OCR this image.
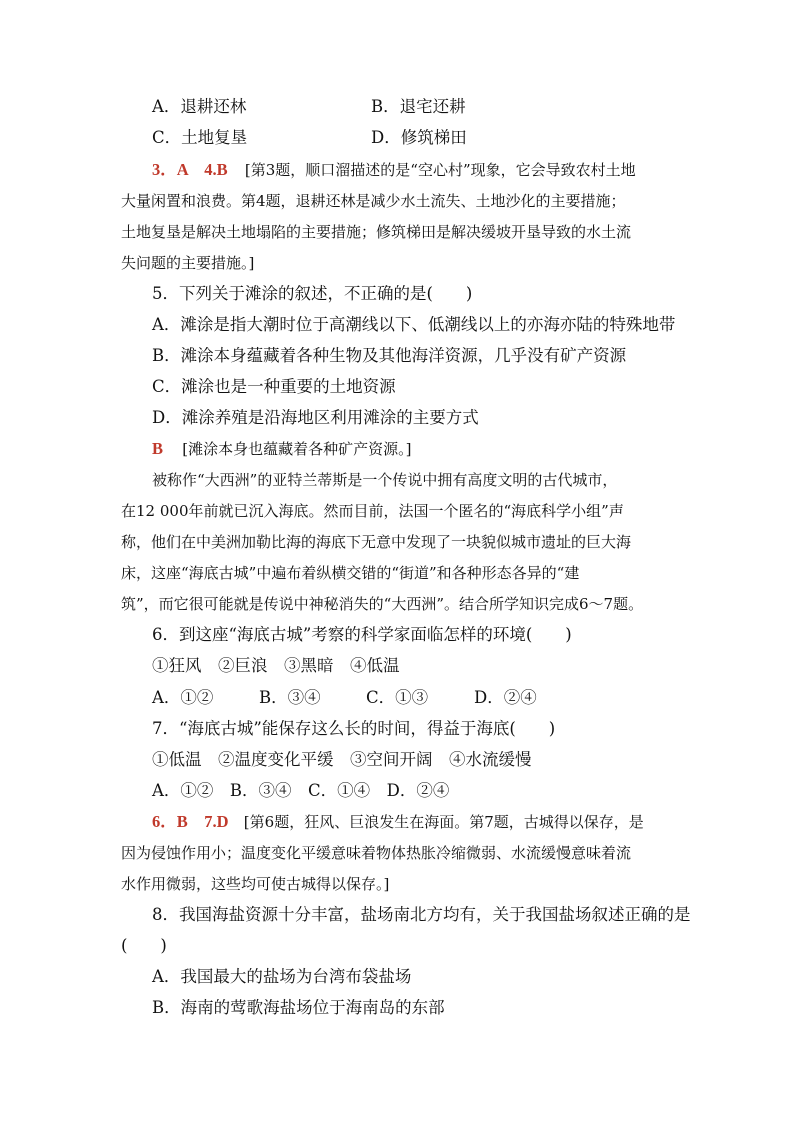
A．退耕还林	B．退宅还耕
C．土地复垦	D．修筑梯田
3．A　4.B [第3题，顺口溜描述的是“空心村”现象，它会导致农村土地
大量闲置和浪费。第4题，退耕还林是减少水土流失、土地沙化的主要措施；
土地复垦是解决土地塌陷的主要措施；修筑梯田是解决缓坡开垦导致的水土流
失问题的主要措施。]
5．下列关于滩涂的叙述，不正确的是(　　)
A．滩涂是指大潮时位于高潮线以下、低潮线以上的亦海亦陆的特殊地带
B．滩涂本身蕴藏着各种生物及其他海洋资源，几乎没有矿产资源
C．滩涂也是一种重要的土地资源
D．滩涂养殖是沿海地区利用滩涂的主要方式
B [滩涂本身也蕴藏着各种矿产资源。]
被称作“大西洲”的亚特兰蒂斯是一个传说中拥有高度文明的古代城市，
在12 000年前就已沉入海底。然而目前，法国一个匿名的“海底科学小组”声
称，他们在中美洲加勒比海的海底下无意中发现了一块貌似城市遗址的巨大海
床，这座“海底古城”中遍布着纵横交错的“街道”和各种形态各异的“建
筑”，而它很可能就是传说中神秘消失的“大西洲”。结合所学知识完成6～7题。
6．到这座“海底古城”考察的科学家面临怎样的环境(　　)
①狂风　②巨浪　③黑暗　④低温
A．①②	B．③④	C．①③	D．②④
7．“海底古城”能保存这么长的时间，得益于海底(　　)
①低温　②温度变化平缓　③空间开阔　④水流缓慢
A．①②　B．③④　C．①④　D．②④
6．B　7.D [第6题，狂风、巨浪发生在海面。第7题，古城得以保存，是
因为侵蚀作用小；温度变化平缓意味着物体热胀冷缩微弱、水流缓慢意味着流
水作用微弱，这些均可使古城得以保存。]
8．我国海盐资源十分丰富，盐场南北方均有，关于我国盐场叙述正确的是
(　　)
A．我国最大的盐场为台湾布袋盐场
B．海南的莺歌海盐场位于海南岛的东部
